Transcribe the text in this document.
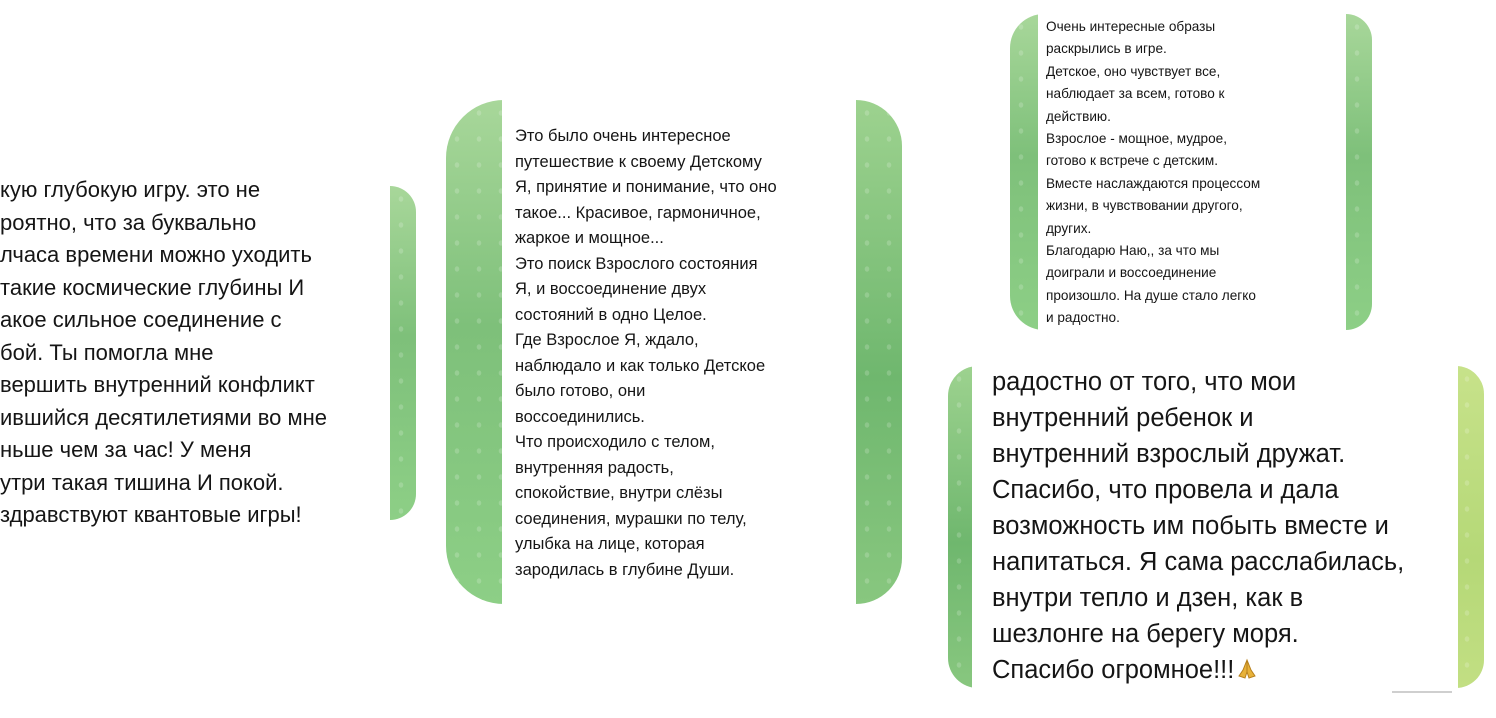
кую глубокую игру. это не
роятно, что за буквально
лчаса времени можно уходить
такие космические глубины И
акое сильное соединение с
бой. Ты помогла мне
вершить внутренний конфликт
ившийся десятилетиями во мне
ньше чем за час! У меня
утри такая тишина И покой.
здравствуют квантовые игры!
Это было очень интересное
путешествие к своему Детскому
Я, принятие и понимание, что оно
такое... Красивое, гармоничное,
жаркое и мощное...
Это поиск Взрослого состояния
Я, и воссоединение двух
состояний в одно Целое.
Где Взрослое Я, ждало,
наблюдало и как только Детское
было готово, они
воссоединились.
Что происходило с телом,
внутренняя радость,
спокойствие, внутри слёзы
соединения, мурашки по телу,
улыбка на лице, которая
зародилась в глубине Души.
Очень интересные образы
раскрылись в игре.
Детское, оно чувствует все,
наблюдает за всем, готово к
действию.
Взрослое - мощное, мудрое,
готово к встрече с детским.
Вместе наслаждаются процессом
жизни, в чувствовании другого,
других.
Благодарю Наю,, за что мы
доиграли и воссоединение
произошло. На душе стало легко
и радостно.
радостно от того, что мои
внутренний ребенок и
внутренний взрослый дружат.
Спасибо, что провела и дала
возможность им побыть вместе и
напитаться. Я сама расслабилась,
внутри тепло и дзен, как в
шезлонге на берегу моря.
Спасибо огромное!!!
